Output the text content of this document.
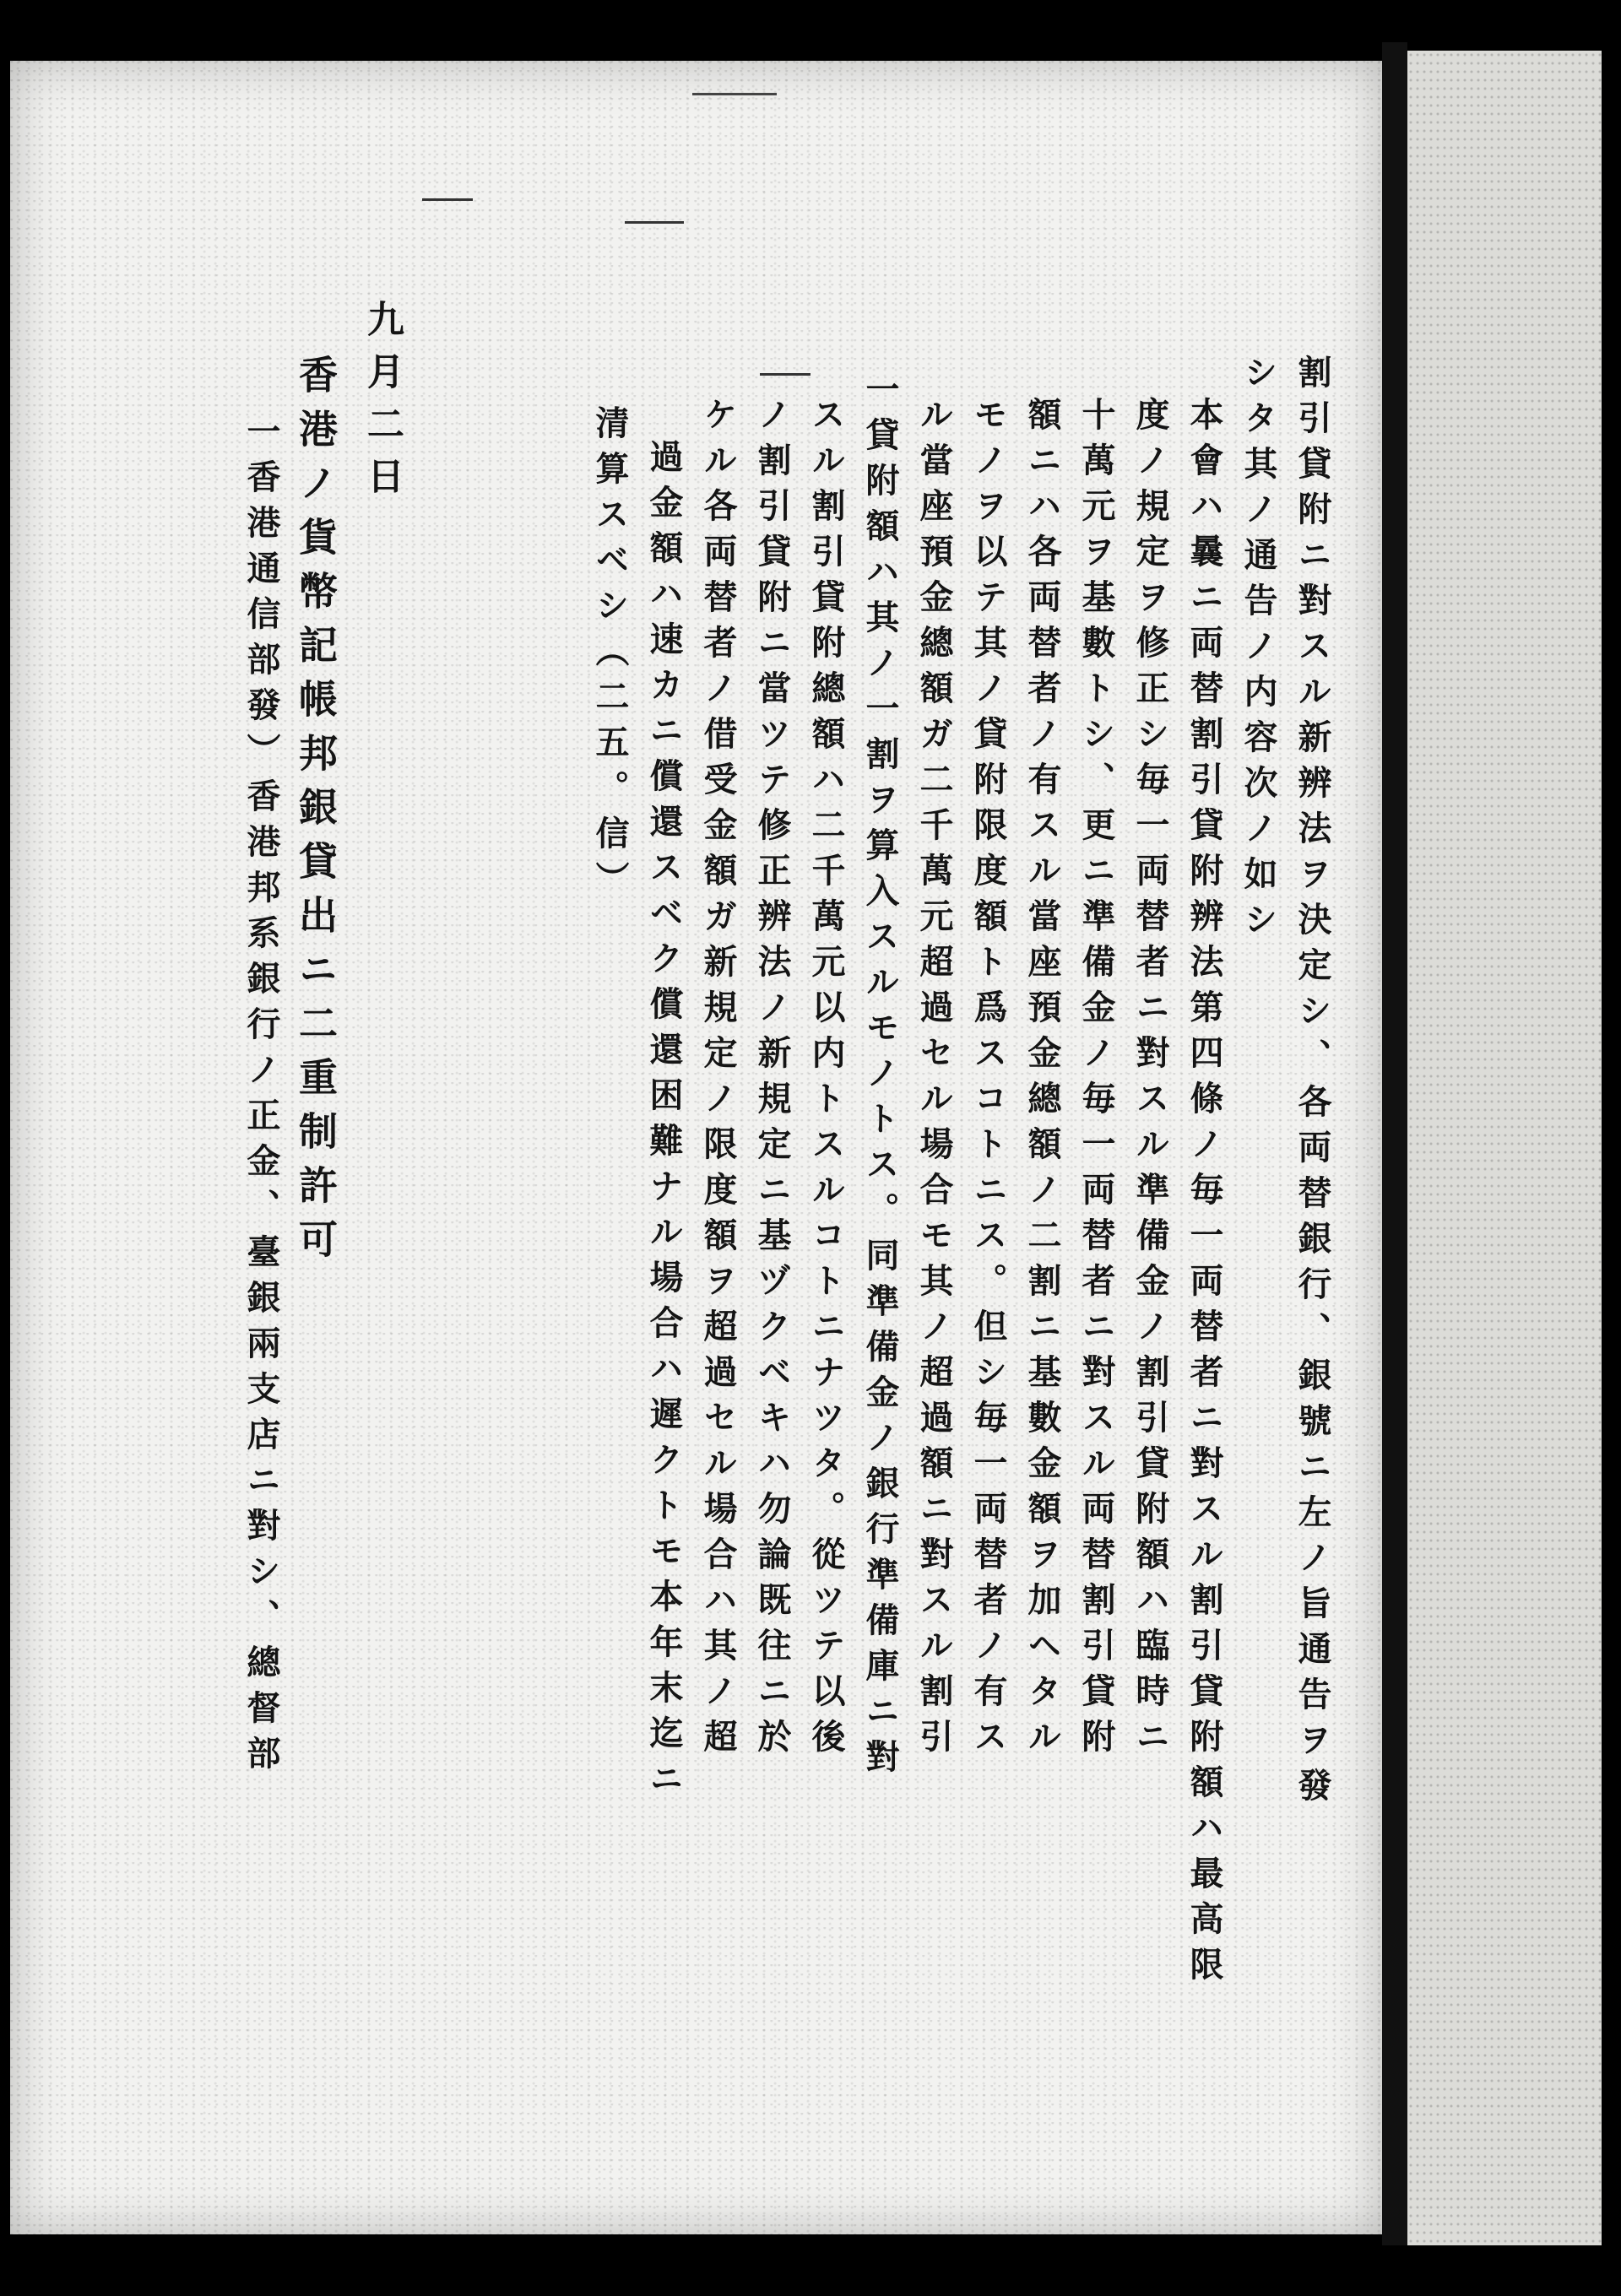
割引貸附ニ對スル新辨法ヲ決定シ、各両替銀行、銀號ニ左ノ旨通告ヲ發
シタ其ノ通告ノ内容次ノ如シ
本會ハ曩ニ両替割引貸附辨法第四條ノ毎一両替者ニ對スル割引貸附額ハ最高限
度ノ規定ヲ修正シ毎一両替者ニ對スル準備金ノ割引貸附額ハ臨時ニ
十萬元ヲ基數トシ、更ニ準備金ノ毎一両替者ニ對スル両替割引貸附
額ニハ各両替者ノ有スル當座預金總額ノ二割ニ基數金額ヲ加ヘタル
モノヲ以テ其ノ貸附限度額ト爲スコトニス。但シ毎一両替者ノ有ス
ル當座預金總額ガ二千萬元超過セル場合モ其ノ超過額ニ對スル割引
一貸附額ハ其ノ一割ヲ算入スルモノトス。同準備金ノ銀行準備庫ニ對
スル割引貸附總額ハ二千萬元以内トスルコトニナツタ。從ツテ以後
ノ割引貸附ニ當ツテ修正辨法ノ新規定ニ基ヅクベキハ勿論既往ニ於
ケル各両替者ノ借受金額ガ新規定ノ限度額ヲ超過セル場合ハ其ノ超
過金額ハ速カニ償還スベク償還困難ナル場合ハ遲クトモ本年末迄ニ
清算スベシ（二五。信）
九月二日
香港ノ貨幣記帳邦銀貸出ニ二重制許可
一香港通信部發）香港邦系銀行ノ正金、臺銀兩支店ニ對シ、總督部
